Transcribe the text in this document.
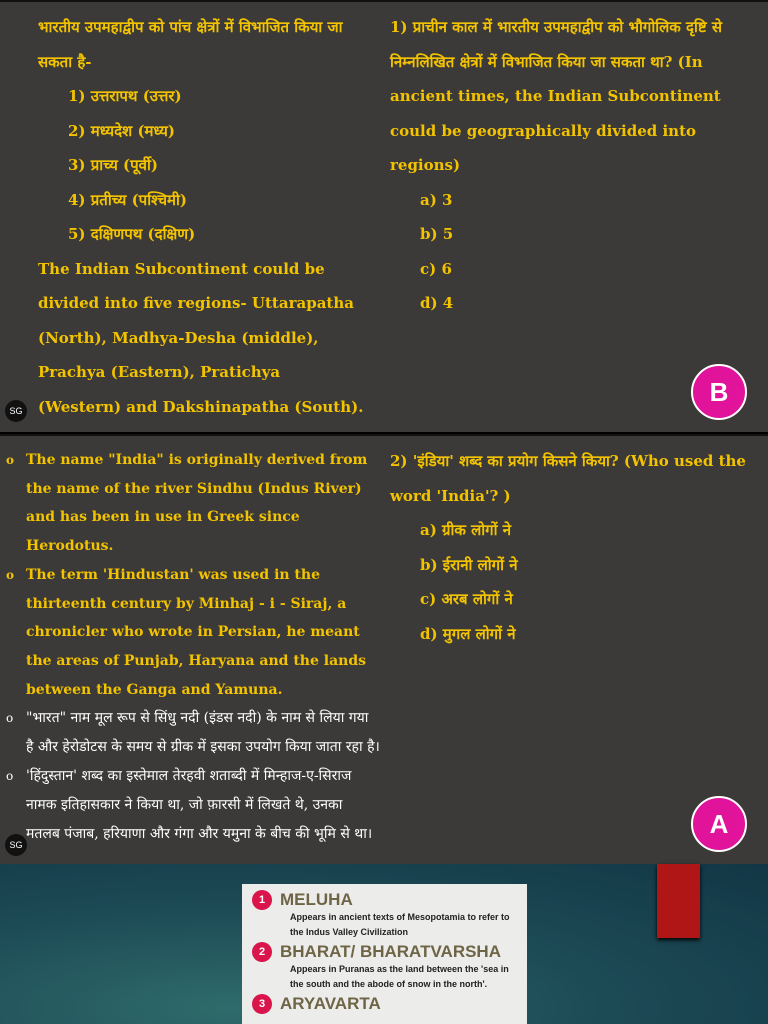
भारतीय उपमहाद्वीप को पांच क्षेत्रों में विभाजित किया जा सकता है-
1) उत्तरापथ (उत्तर)
2) मध्यदेश (मध्य)
3) प्राच्य (पूर्वी)
4) प्रतीच्य (पश्चिमी)
5) दक्षिणपथ (दक्षिण)
The Indian Subcontinent could be divided into five regions- Uttarapatha (North), Madhya-Desha (middle), Prachya (Eastern), Pratichya (Western) and Dakshinapatha (South).
1) प्राचीन काल में भारतीय उपमहाद्वीप को भौगोलिक दृष्टि से निम्नलिखित क्षेत्रों में विभाजित किया जा सकता था? (In ancient times, the Indian Subcontinent could be geographically divided into regions)
a) 3
b) 5
c) 6
d) 4
B
SG
o The name "India" is originally derived from the name of the river Sindhu (Indus River) and has been in use in Greek since Herodotus.
o The term 'Hindustan' was used in the thirteenth century by Minhaj - i - Siraj, a chronicler who wrote in Persian, he meant the areas of Punjab, Haryana and the lands between the Ganga and Yamuna.
o "भारत" नाम मूल रूप से सिंधु नदी (इंडस नदी) के नाम से लिया गया है और हेरोडोटस के समय से ग्रीक में इसका उपयोग किया जाता रहा है।
o 'हिंदुस्तान' शब्द का इस्तेमाल तेरहवी शताब्दी में मिन्हाज-ए-सिराज नामक इतिहासकार ने किया था, जो फ़ारसी में लिखते थे, उनका मतलब पंजाब, हरियाणा और गंगा और यमुना के बीच की भूमि से था।
2) 'इंडिया' शब्द का प्रयोग किसने किया? (Who used the word 'India'? )
a) ग्रीक लोगों ने
b) ईरानी लोगों ने
c) अरब लोगों ने
d) मुगल लोगों ने
A
SG
1 MELUHA
Appears in ancient texts of Mesopotamia to refer to the Indus Valley Civilization
2 BHARAT/ BHARATVARSHA
Appears in Puranas as the land between the 'sea in the south and the abode of snow in the north'.
3 ARYAVARTA
